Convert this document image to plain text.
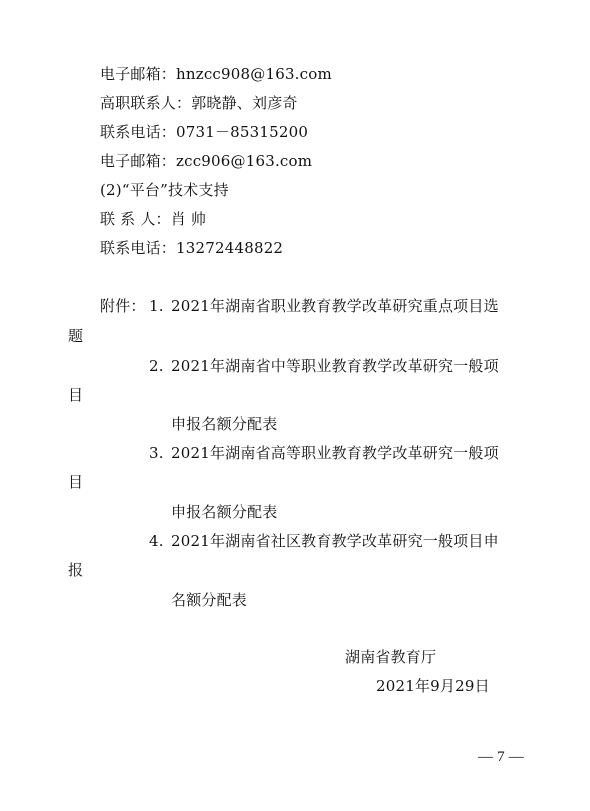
电子邮箱：hnzcc908@163.com
高职联系人：郭晓静、刘彦奇
联系电话：0731－85315200
电子邮箱：zcc906@163.com
(2)“平台”技术支持
联 系 人：肖 帅
联系电话：13272448822
附件： 1. 2021年湖南省职业教育教学改革研究重点项目选
题
2. 2021年湖南省中等职业教育教学改革研究一般项
目
申报名额分配表
3. 2021年湖南省高等职业教育教学改革研究一般项
目
申报名额分配表
4. 2021年湖南省社区教育教学改革研究一般项目申
报
名额分配表
湖南省教育厅
2021年9月29日
— 7 —
